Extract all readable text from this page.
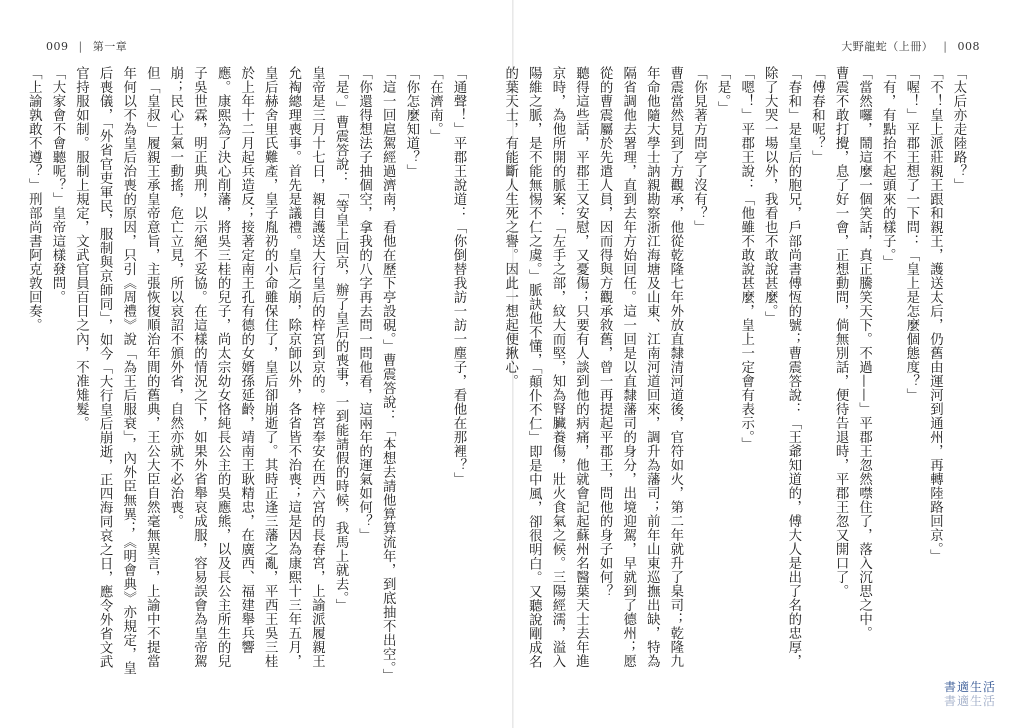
009 | 第一章	大野龍蛇（上冊） | 008

「太后亦走陸路？」

「不！皇上派莊親王跟和親王，護送太后，仍舊由運河到通州，再轉陸路回京。」

「喔！」平郡王想了一下問：「皇上是怎麼個態度？」

「有，有點抬不起頭來的樣子。」

「當然囉，鬧這麼一個笑話，真正騰笑天下。不過——」平郡王忽然噤住了，落入沉思之中。

曹震不敢打攪，息了好一會，正想動問，倘無別話，便待告退時，平郡王忽又開口了。

「傅春和呢？」

「春和」是皇后的胞兄，戶部尚書傅恆的號；曹震答說：「王爺知道的，傅大人是出了名的忠厚，除了大哭一場以外，我看也不敢說甚麼。」

「嗯！」平郡王說：「他雖不敢說甚麼，皇上一定會有表示。」

「是。」

「你見著方問亭了沒有？」

曹震當然見到了方觀承，他從乾隆七年外放直隸清河道後，官符如火，第二年就升了臬司；乾隆九年命他隨大學士訥親勘察浙江海塘及山東、江南河道回來，調升為藩司；前年山東巡撫出缺，特為隔省調他去署理，直到去年方始回任。這一回是以直隸藩司的身分，出境迎駕，早就到了德州；愿從的曹震屬於先遣人員，因而得與方觀承敘舊，曾一再提起平郡王，問他的身子如何？

聽得這些話，平郡王又安慰，又憂傷；只要有人談到他的病痛，他就會記起蘇州名醫葉天士去年進京時，為他所開的脈案：「左手之部，紋大而堅，知為腎臟養傷，壯火食氣之候。三陽經濡，溢入陽維之脈，是不能無惕不仁之虞。」脈訣他不懂，「顛仆不仁」即是中風，卻很明白。又聽說剛成名的葉天士，有能斷人生死之譽。因此一想起便揪心。

「通聲！」平郡王說道：「你倒替我訪一訪一塵子，看他在那裡？」

「在濟南。」

「你怎麼知道？」

「這一回扈駕經過濟南，看他在歷下亭設硯。」曹震答說：「本想去請他算算流年，到底抽不出空。」

「你還得想法子抽個空，拿我的八字再去問一問他看，這兩年的運氣如何？」

「是。」曹震答說：「等皇上回京，辦了皇后的喪事，一到能請假的時候，我馬上就去。」

皇帝是三月十七日，親自護送大行皇后的梓宮到京的。梓宮奉安在西六宮的長春宮，上諭派履親王允裪總理喪事。首先是議禮。皇后之崩，除京師以外，各省皆不治喪；這是因為康熙十三年五月，皇后赫舍里氏難產，皇子胤礽的小命雖保住了，皇后卻崩逝了。其時正逢三藩之亂，平西王吳三桂於上年十二月起兵造反；接著定南王孔有德的女婿孫延齡，靖南王耿精忠，在廣西、福建舉兵響應。康熙為了決心削藩，將吳三桂的兒子，尚太宗幼女恪純長公主的吳應熊，以及長公主所生的兒子吳世霖，明正典刑，以示絕不妥協。在這樣的情況之下，如果外省舉哀成服，容易誤會為皇帝駕崩；民心士氣一動搖，危亡立見，所以哀詔不頒外省，自然亦就不必治喪。

但「皇叔」履親王承皇帝意旨，主張恢復順治年間的舊典，王公大臣自然毫無異言，上諭中不提當年何以不為皇后治喪的原因，只引《周禮》說「為王后服衰」，內外臣無異；《明會典》亦規定，皇后喪儀，「外省官吏軍民，服制與京師同」，如今「大行皇后崩逝，正四海同哀之日，應令外省文武官持服如制。服制上規定，文武官員百日之內，不准雉髮。

「大家會不會聽呢？」皇帝這樣發問。

「上諭孰敢不遵？」刑部尚書阿克敦回奏。

書適生活
書適生活
